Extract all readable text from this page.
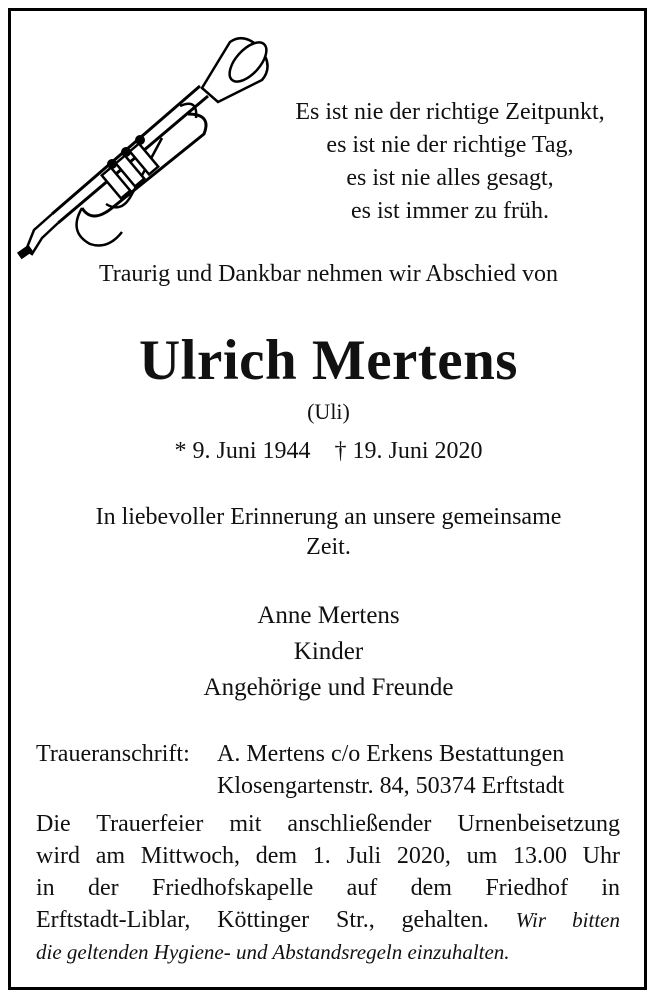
Es ist nie der richtige Zeitpunkt,
es ist nie der richtige Tag,
es ist nie alles gesagt,
es ist immer zu früh.
Traurig und Dankbar nehmen wir Abschied von
Ulrich Mertens
(Uli)
* 9. Juni 1944 † 19. Juni 2020
In liebevoller Erinnerung an unsere gemeinsame
Zeit.
Anne Mertens
Kinder
Angehörige und Freunde
Traueranschrift: A. Mertens c/o Erkens Bestattungen
Klosengartenstr. 84, 50374 Erftstadt
Die Trauerfeier mit anschließender Urnenbeisetzung
wird am Mittwoch, dem 1. Juli 2020, um 13.00 Uhr
in der Friedhofskapelle auf dem Friedhof in
Erftstadt-Liblar, Köttinger Str., gehalten. Wir bitten
die geltenden Hygiene- und Abstandsregeln einzuhalten.
